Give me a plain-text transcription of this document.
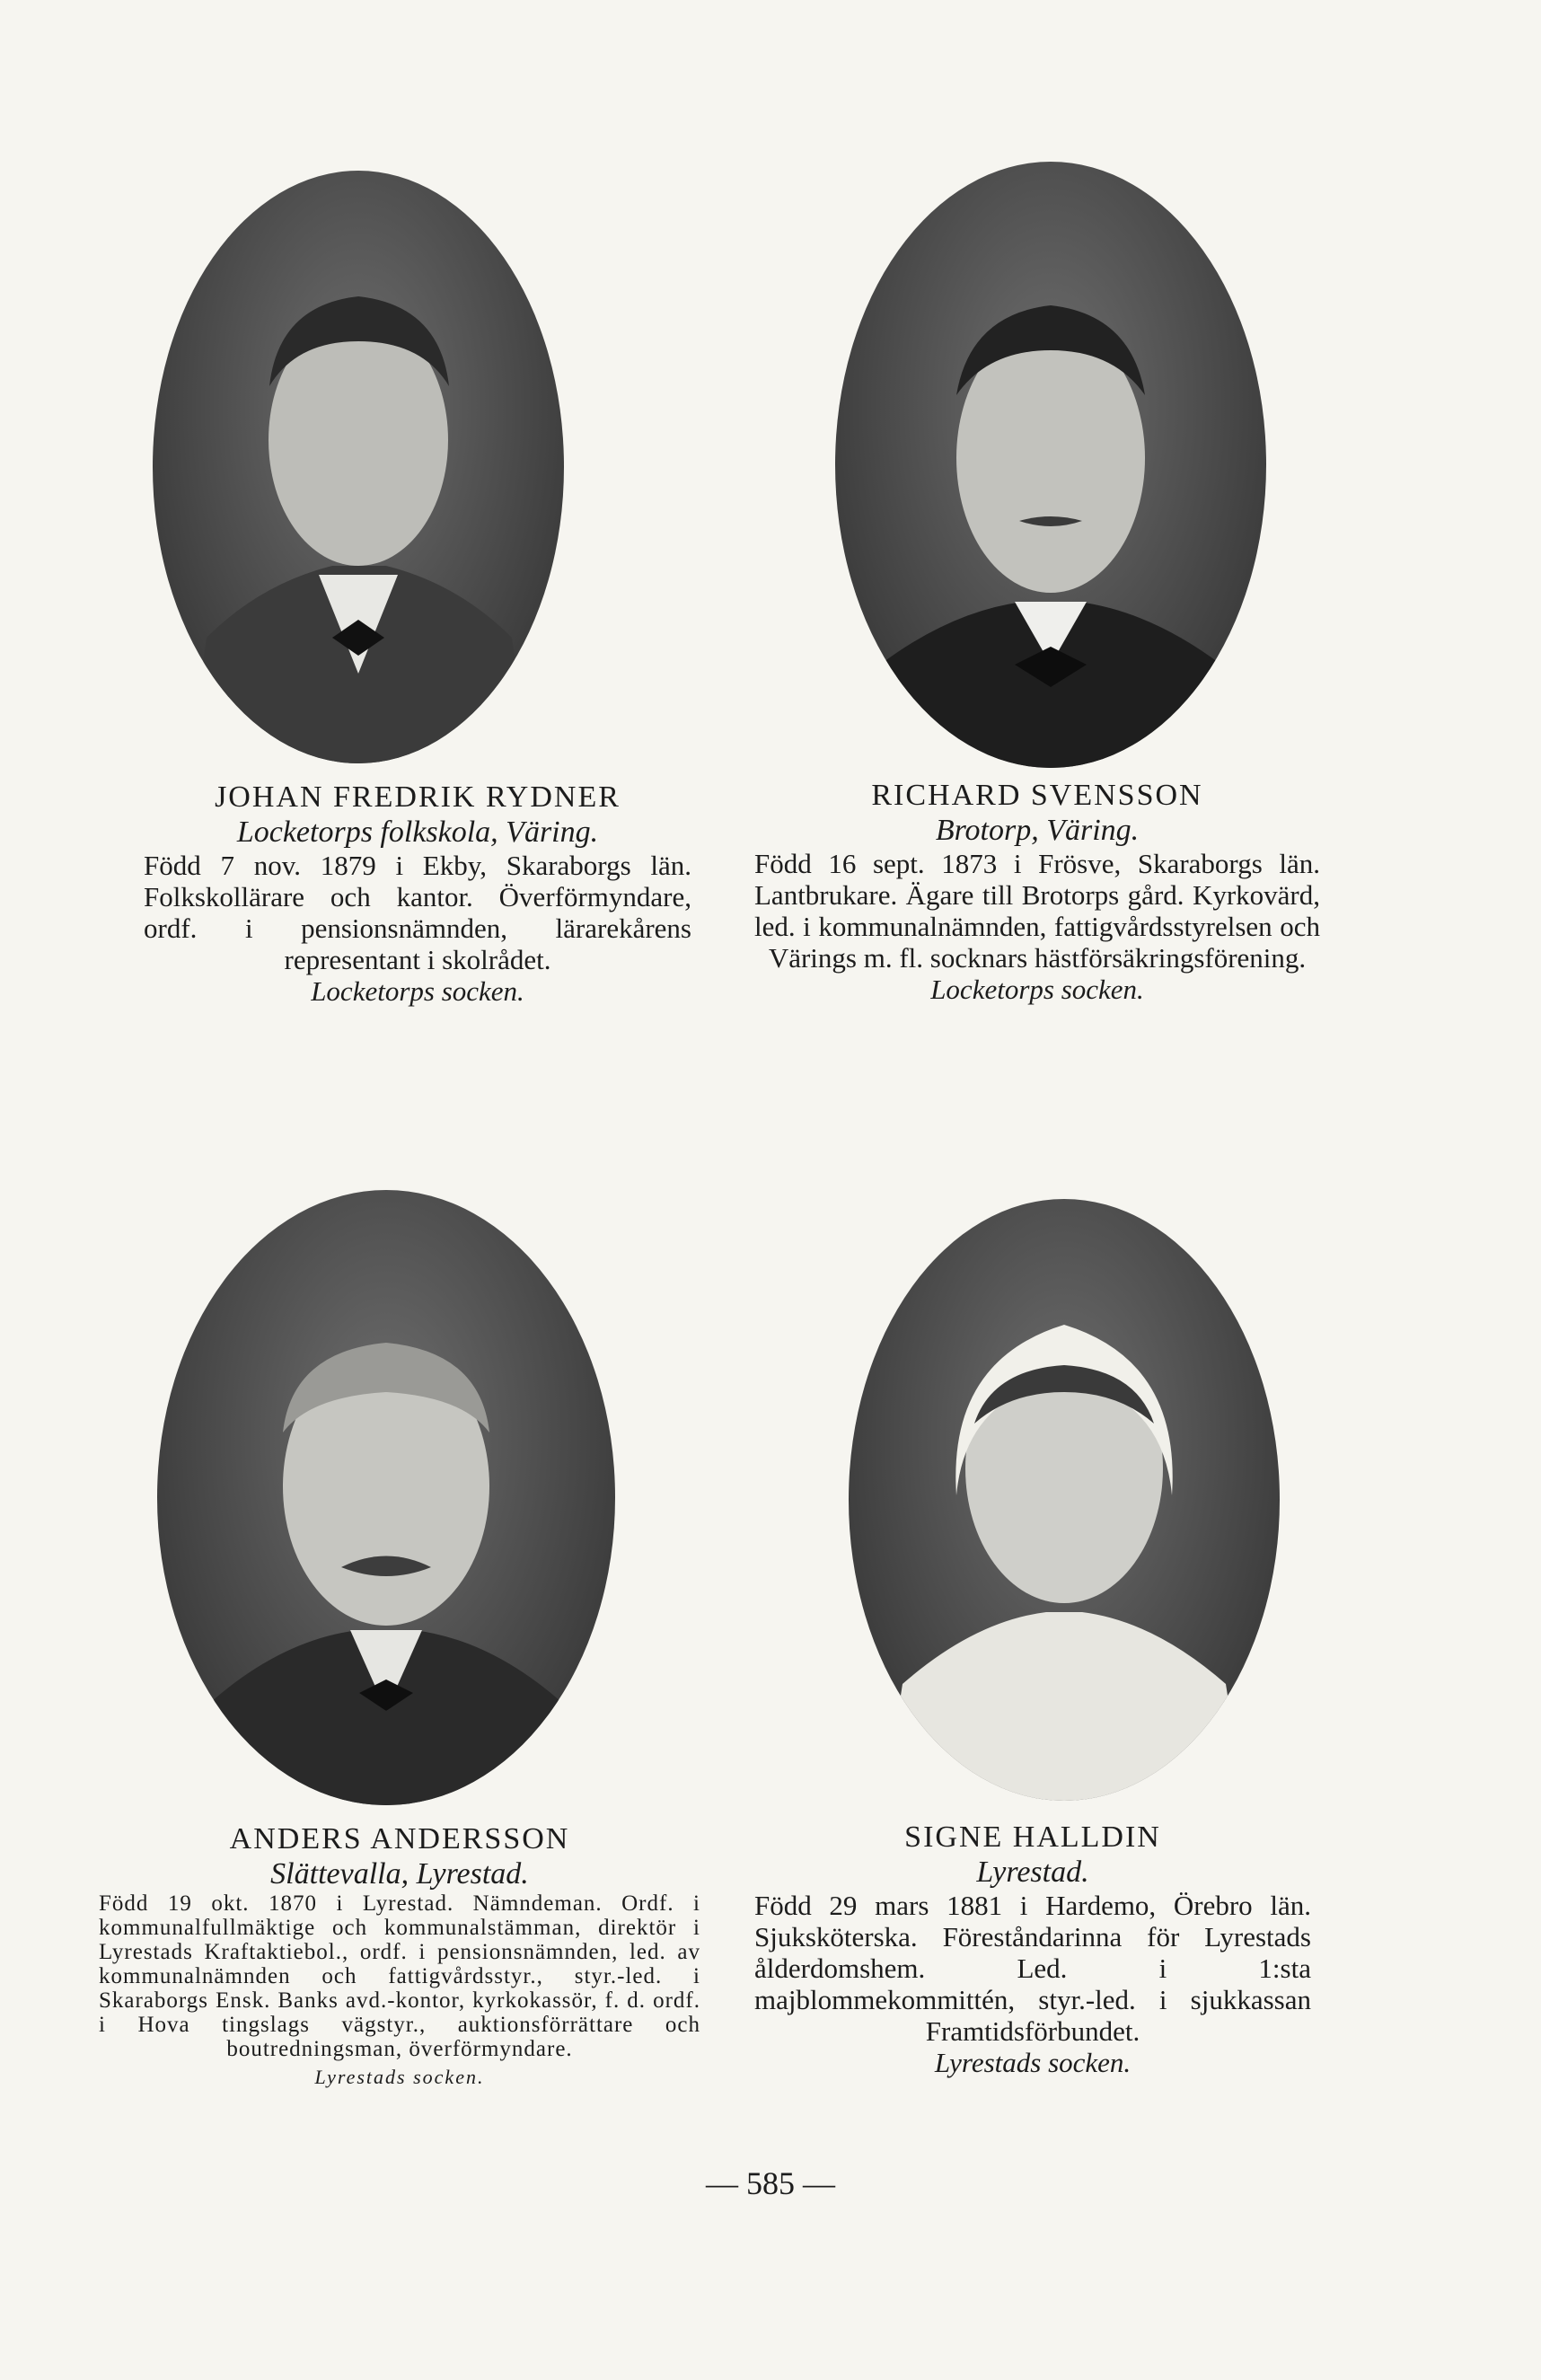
JOHAN FREDRIK RYDNER
Locketorps folkskola, Väring.
Född 7 nov. 1879 i Ekby, Skaraborgs län. Folkskollärare och kantor. Överförmyndare, ordf. i pensionsnämnden, lärarekårens representant i skolrådet.
Locketorps socken.
RICHARD SVENSSON
Brotorp, Väring.
Född 16 sept. 1873 i Frösve, Skaraborgs län. Lantbrukare. Ägare till Brotorps gård. Kyrkovärd, led. i kommunalnämnden, fattigvårdsstyrelsen och Värings m. fl. socknars hästförsäkringsförening.
Locketorps socken.
ANDERS ANDERSSON
Slättevalla, Lyrestad.
Född 19 okt. 1870 i Lyrestad. Nämndeman. Ordf. i kommunalfullmäktige och kommunalstämman, direktör i Lyrestads Kraftaktiebol., ordf. i pensionsnämnden, led. av kommunalnämnden och fattigvårdsstyr., styr.-led. i Skaraborgs Ensk. Banks avd.-kontor, kyrkokassör, f. d. ordf. i Hova tingslags vägstyr., auktionsförrättare och boutredningsman, överförmyndare.
Lyrestads socken.
SIGNE HALLDIN
Lyrestad.
Född 29 mars 1881 i Hardemo, Örebro län. Sjuksköterska. Föreståndarinna för Lyrestads ålderdomshem. Led. i 1:sta majblommekommittén, styr.-led. i sjukkassan Framtidsförbundet.
Lyrestads socken.
— 585 —
